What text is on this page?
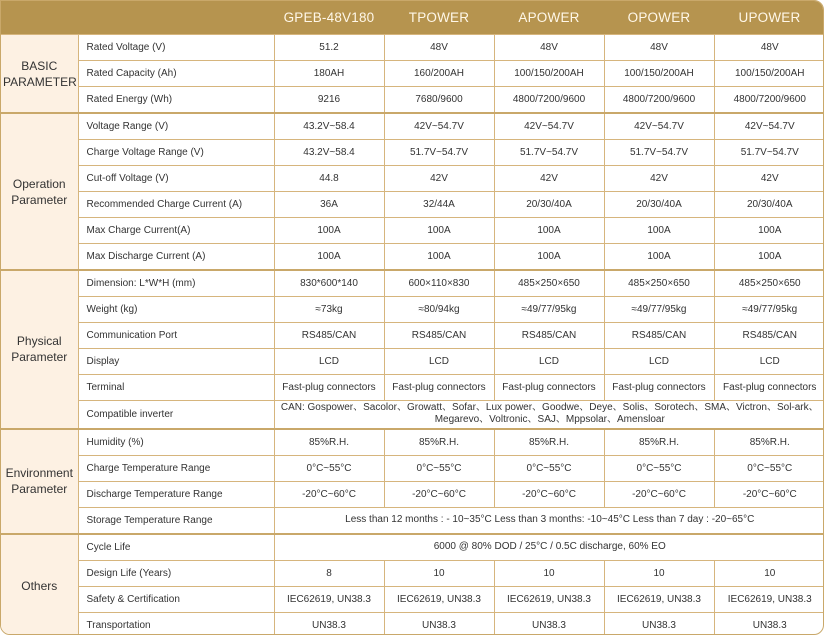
		GPEB-48V180	TPOWER	APOWER	OPOWER	UPOWER
BASIC PARAMETER	Rated Voltage (V)	51.2	48V	48V	48V	48V
	Rated Capacity (Ah)	180AH	160/200AH	100/150/200AH	100/150/200AH	100/150/200AH
	Rated Energy (Wh)	9216	7680/9600	4800/7200/9600	4800/7200/9600	4800/7200/9600
Operation Parameter	Voltage Range (V)	43.2V~58.4	42V~54.7V	42V~54.7V	42V~54.7V	42V~54.7V
	Charge Voltage Range (V)	43.2V~58.4	51.7V~54.7V	51.7V~54.7V	51.7V~54.7V	51.7V~54.7V
	Cut-off Voltage (V)	44.8	42V	42V	42V	42V
	Recommended Charge Current (A)	36A	32/44A	20/30/40A	20/30/40A	20/30/40A
	Max Charge Current(A)	100A	100A	100A	100A	100A
	Max Discharge Current (A)	100A	100A	100A	100A	100A
Physical Parameter	Dimension: L*W*H (mm)	830*600*140	600×110×830	485×250×650	485×250×650	485×250×650
	Weight (kg)	≈73kg	≈80/94kg	≈49/77/95kg	≈49/77/95kg	≈49/77/95kg
	Communication Port	RS485/CAN	RS485/CAN	RS485/CAN	RS485/CAN	RS485/CAN
	Display	LCD	LCD	LCD	LCD	LCD
	Terminal	Fast-plug connectors	Fast-plug connectors	Fast-plug connectors	Fast-plug connectors	Fast-plug connectors
	Compatible inverter	CAN: Gospower、Sacolor、Growatt、Sofar、Lux power、Goodwe、Deye、Solis、Sorotech、SMA、Victron、Sol-ark、Megarevo、Voltronic、SAJ、Mppsolar、Amensloar				
Environment Parameter	Humidity (%)	85%R.H.	85%R.H.	85%R.H.	85%R.H.	85%R.H.
	Charge Temperature Range	0°C~55°C	0°C~55°C	0°C~55°C	0°C~55°C	0°C~55°C
	Discharge Temperature Range	-20°C~60°C	-20°C~60°C	-20°C~60°C	-20°C~60°C	-20°C~60°C
	Storage Temperature Range	Less than 12 months : - 10~35°C Less than 3 months: -10~45°C Less than 7 day : -20~65°C				
Others	Cycle Life	6000 @ 80% DOD / 25°C / 0.5C discharge, 60% EO				
	Design Life (Years)	8	10	10	10	10
	Safety & Certification	IEC62619, UN38.3	IEC62619, UN38.3	IEC62619, UN38.3	IEC62619, UN38.3	IEC62619, UN38.3
	Transportation	UN38.3	UN38.3	UN38.3	UN38.3	UN38.3
